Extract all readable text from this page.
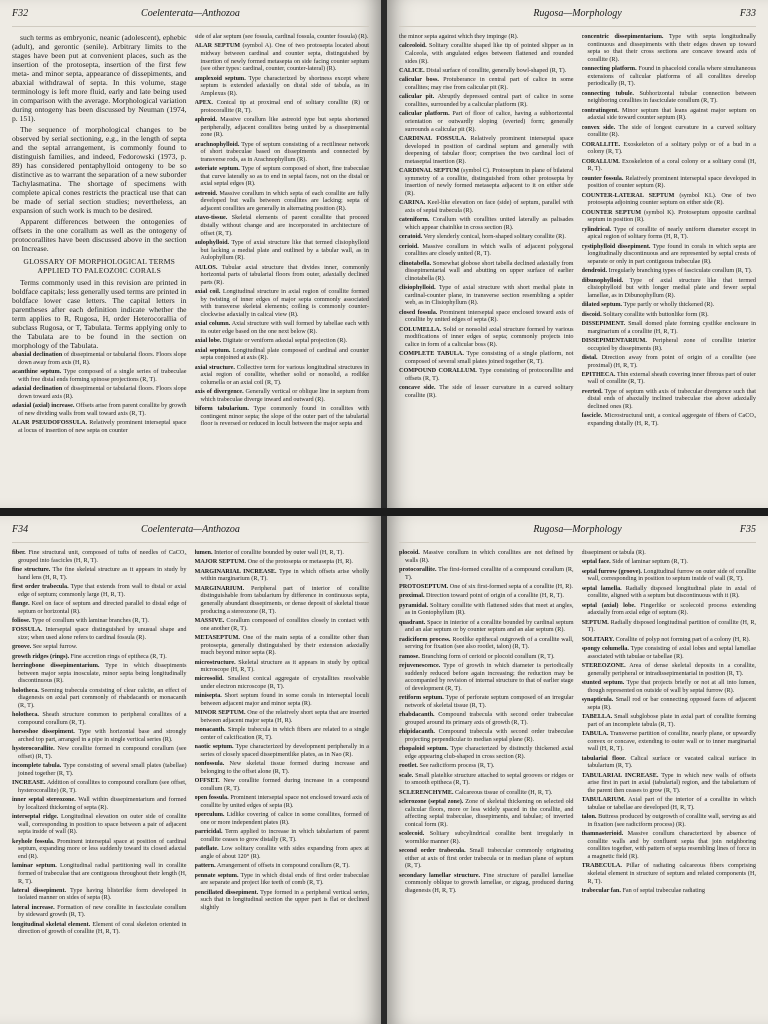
F32	Coelenterata—Anthozoa

such terms as embryonic, neanic (adolescent), ephebic (adult), and gerontic (senile). Arbitrary limits to the stages have been put at convenient places, such as the insertion of the protosepta, insertion of the first few meta- and minor septa, appearance of dissepiments, and abaxial withdrawal of septa. In this volume, stage terminology is left more fluid, early and late being used in comparison with the average. Morphological variation during ontogeny has been discussed by Neuman (1974, p. 151).

The sequence of morphological changes to be observed by serial sectioning, e.g., in the length of septa and the septal arrangement, is commonly found to distinguish families, and indeed, Fedorowski (1973, p. 89) has considered pentaphylloid ontogeny to be so distinctive as to warrant the separation of a new suborder Tachylasmatina. The shortage of specimens with complete apical cones restricts the practical use that can be made of serial section studies; nevertheless, an expansion of such work is much to be desired.

Apparent differences between the ontogenies of offsets in the one corallum as well as the ontogeny of protocorallites have been discussed above in the section on Increase.

GLOSSARY OF MORPHOLOGICAL TERMS APPLIED TO PALEOZOIC CORALS

Terms commonly used in this revision are printed in boldface capitals; less generally used terms are printed in boldface lower case letters. The capital letters in parentheses after each definition indicate whether the term applies to R, Rugosa, H, order Heterocorallia of subclass Rugosa, or T, Tabulata. Terms applying only to the Tabulata are to be found in the section on morphology of the Tabulata.

abaxial declination of dissepimental or tabularial floors. Floors slope down away from axis (H, R).

acanthine septum. Type composed of a single series of trabeculae with free distal ends forming spinose projections (R, T).

adaxial declination of dissepimental or tabularial floors. Floors slope down toward axis (R).

adaxial (axial) increase. Offsets arise from parent corallite by growth of new dividing walls from wall toward axis (R, T).

ALAR PSEUDOFOSSULA. Relatively prominent interseptal space at locus of insertion of new septa on counter

side of alar septum (see fossula, cardinal fossula, counter fossula) (R).

ALAR SEPTUM (symbol A). One of two protosepta located about midway between cardinal and counter septa, distinguished by insertion of newly formed metasepta on side facing counter septum (see other types: cardinal, counter, counter-lateral) (R).

amplexoid septum. Type characterized by shortness except where septum is extended adaxially on distal side of tabula, as in Amplexus (R).

APEX. Conical tip at proximal end of solitary corallite (R) or protocorallite (R, T).

aphroid. Massive corallum like astreoid type but septa shortened peripherally, adjacent corallites being united by a dissepimental zone (R).

arachnophylloid. Type of septum consisting of a rectilinear network of short trabeculae based on dissepiments and connected by transverse rods, as in Arachnophyllum (R).

asteriate septum. Type of septum composed of short, fine trabeculae that curve laterally so as to end in septal faces, not on the distal or axial septal edges (R).

astreoid. Massive corallum in which septa of each corallite are fully developed but walls between corallites are lacking; septa of adjacent corallites are generally in alternating position (R).

atavo-tissue. Skeletal elements of parent corallite that proceed distally without change and are incorporated in architecture of offset (R, T).

aulophylloid. Type of axial structure like that termed clisiophylloid but lacking a medial plate and outlined by a tabular wall, as in Aulophyllum (R).

AULOS. Tubular axial structure that divides inner, commonly horizontal parts of tabularial floors from outer, adaxially declined parts (R).

axial coil. Longitudinal structure in axial region of corallite formed by twisting of inner edges of major septa commonly associated with transverse skeletal elements; coiling is commonly counter-clockwise adaxially in calical view (R).

axial column. Axial structure with wall formed by tabellae each with its outer edge based on the one next below (R).

axial lobe. Digitate or veniform adaxial septal projection (R).

axial septum. Longitudinal plate composed of cardinal and counter septa conjoined at axis (R).

axial structure. Collective term for various longitudinal structures in axial region of corallite, whether solid or nonsolid, a rodlike columella or an axial coil (R, T).

axis of divergence. Generally vertical or oblique line in septum from which trabeculae diverge inward and outward (R).

biform tabularium. Type commonly found in corallites with contingent minor septa; the slope of the outer part of the tabularial floor is reversed or reduced in loculi between the major septa and

Rugosa—Morphology	F33

the minor septa against which they impinge (R).

calceoloid. Solitary corallite shaped like tip of pointed slipper as in Calceola, with angulated edges between flattened and rounded sides (R).

CALICE. Distal surface of corallite, generally bowl-shaped (R, T).

calicular boss. Protuberance in central part of calice in some corallites; may rise from calicular pit (R).

calicular pit. Abruptly depressed central part of calice in some corallites, surrounded by a calicular platform (R).

calicular platform. Part of floor of calice, having a subhorizontal orientation or outwardly sloping (everted) form; generally surrounds a calicular pit (R).

CARDINAL FOSSULA. Relatively prominent interseptal space developed in position of cardinal septum and generally with deepening of tabular floor; comprises the two cardinal loci of metaseptal insertion (R).

CARDINAL SEPTUM (symbol C). Protoseptum in plane of bilateral symmetry of a corallite, distinguished from other protosepta by insertion of newly formed metasepta adjacent to it on either side (R).

CARINA. Keel-like elevation on face (side) of septum, parallel with axis of septal trabecula (R).

cateniform. Corallum with corallites united laterally as palisades which appear chainlike in cross section (R).

ceratoid. Very slenderly conical, horn-shaped solitary corallite (R).

cerioid. Massive corallum in which walls of adjacent polygonal corallites are closely united (R, T).

clinotabella. Somewhat globose short tabella declined adaxially from dissepimentarial wall and abutting on upper surface of earlier clinotabella (R).

clisiophylloid. Type of axial structure with short medial plate in cardinal-counter plane, in transverse section resembling a spider web, as in Clisiophyllum (R).

closed fossula. Prominent interseptal space enclosed toward axis of corallite by united edges of septa (R).

COLUMELLA. Solid or nonsolid axial structure formed by various modifications of inner edges of septa; commonly projects into calice in form of a calicular boss (R).

COMPLETE TABULA. Type consisting of a single platform, not composed of several small plates joined together (R, T).

COMPOUND CORALLUM. Type consisting of protocorallite and offsets (R, T).

concave side. The side of lesser curvature in a curved solitary corallite (R).

concentric dissepimentarium. Type with septa longitudinally continuous and dissepiments with their edges drawn up toward septa so that their cross sections are concave toward axis of corallite (R).

connecting platform. Found in phaceloid coralla where simultaneous extensions of calicular platforms of all corallites develop periodically (R, T).

connecting tubule. Subhorizontal tubular connection between neighboring corallites in fasciculate corallum (R, T).

contratingent. Minor septum that leans against major septum on adaxial side toward counter septum (R).

convex side. The side of longest curvature in a curved solitary corallite (R).

CORALLITE. Exoskeleton of a solitary polyp or of a bud in a colony (R, T).

CORALLUM. Exoskeleton of a coral colony or a solitary coral (H, R, T).

counter fossula. Relatively prominent interseptal space developed in position of counter septum (R).

COUNTER-LATERAL SEPTUM (symbol KL). One of two protosepta adjoining counter septum on either side (R).

COUNTER SEPTUM (symbol K). Protoseptum opposite cardinal septum in position (R).

cylindrical. Type of corallite of nearly uniform diameter except in apical region of solitary forms (H, R, T).

cystiphylloid dissepiment. Type found in corals in which septa are longitudinally discontinuous and are represented by septal crests of separate or only in part contiguous trabeculae (R).

dendroid. Irregularly branching types of fasciculate corallum (R, T).

dibunophylloid. Type of axial structure like that termed clisiophylloid but with longer medial plate and fewer septal lamellae, as in Dibunophyllum (R).

dilated septum. Type partly or wholly thickened (R).

discoid. Solitary corallite with buttonlike form (R).

DISSEPIMENT. Small domed plate forming cystlike enclosure in marginarium of a corallite (H, R, T).

DISSEPIMENTARIUM. Peripheral zone of corallite interior occupied by dissepiments (R).

distal. Direction away from point of origin of a corallite (see proximal) (H, R, T).

EPITHECA. Thin external sheath covering inner fibrous part of outer wall of corallite (R, T).

everted. Type of septum with axis of trabecular divergence such that distal ends of abaxially inclined trabeculae rise above adaxially declined ones (R).

fascicle. Microstructural unit, a conical aggregate of fibers of CaCO₃ expanding distally (H, R, T).

F34	Coelenterata—Anthozoa

fiber. Fine structural unit, composed of tufts of needles of CaCO₃ grouped into fascicles (H, R, T).

fine structure. The fine skeletal structure as it appears in study by hand lens (H, R, T).

first order trabecula. Type that extends from wall to distal or axial edge of septum; commonly large (H, R, T).

flange. Keel on face of septum and directed parallel to distal edge of septum or horizontal (R).

foliose. Type of corallum with laminar branches (R, T).

FOSSULA. Interseptal space distinguished by unusual shape and size; when used alone refers to cardinal fossula (R).

groove. See septal furrow.

growth ridges (rings). Fine accretion rings of epitheca (R, T).

herringbone dissepimentarium. Type in which dissepiments between major septa inosculate, minor septa being longitudinally discontinuous (R).

holotheca. Seeming trabecula consisting of clear calcite, an effect of diagenesis on axial part commonly of rhabdacanth or monacanth (R, T).

holotheca. Sheath structure common to peripheral corallites of a compound corallum (R, T).

horseshoe dissepiment. Type with horizontal base and strongly arched top part, arranged in a pipe in single vertical series (R).

hysterocorallite. New corallite formed in compound corallum (see offset) (R, T).

incomplete tabula. Type consisting of several small plates (tabellae) joined together (R, T).

INCREASE. Addition of corallites to compound corallum (see offset, hysterocorallite) (R, T).

inner septal stereozone. Wall within dissepimentarium and formed by localized thickening of septa (R).

interseptal ridge. Longitudinal elevation on outer side of corallite wall, corresponding in position to space between a pair of adjacent septa inside of wall (R).

keyhole fossula. Prominent interseptal space at position of cardinal septum, expanding more or less suddenly toward its closed adaxial end (R).

laminar septum. Longitudinal radial partitioning wall in corallite formed of trabeculae that are contiguous throughout their length (H, R, T).

lateral dissepiment. Type having blisterlike form developed in isolated manner on sides of septa (R).

lateral increase. Formation of new corallite in fasciculate corallum by sideward growth (R, T).

longitudinal skeletal element. Element of coral skeleton oriented in direction of growth of corallite (H, R, T).

lumen. Interior of corallite bounded by outer wall (H, R, T).

MAJOR SEPTUM. One of the protosepta or metasepta (H, R).

MARGINARIAL INCREASE. Type in which offsets arise wholly within marginarium (R, T).

MARGINARIUM. Peripheral part of interior of corallite distinguishable from tabularium by difference in continuous septa, generally abundant dissepiments, or dense deposit of skeletal tissue producing a stereozone (R, T).

MASSIVE. Corallum composed of corallites closely in contact with one another (R, T).

METASEPTUM. One of the main septa of a corallite other than protosepta, generally distinguished by their extension adaxially much beyond minor septa (R).

microstructure. Skeletal structure as it appears in study by optical microscope (H, R, T).

microsolid. Smallest conical aggregate of crystallites resolvable under electron microscope (R, T).

minisepta. Short septum found in some corals in interseptal loculi between adjacent major and minor septa (R).

MINOR SEPTUM. One of the relatively short septa that are inserted between adjacent major septa (H, R).

monacanth. Simple trabecula in which fibers are related to a single center of calcification (R, T).

naotic septum. Type characterized by development peripherally in a series of closely spaced dissepimentlike plates, as in Nao (R).

nonfossula. New skeletal tissue formed during increase and belonging to the offset alone (R, T).

OFFSET. New corallite formed during increase in a compound corallum (R, T).

open fossula. Prominent interseptal space not enclosed toward axis of corallite by united edges of septa (R).

operculum. Lidlike covering of calice in some corallites, formed of one or more independent plates (R).

parricidal. Term applied to increase in which tabularium of parent corallite ceases to grow distally (R, T).

patellate. Low solitary corallite with sides expanding from apex at angle of about 120° (R).

pattern. Arrangement of offsets in compound corallum (R, T).

pennate septum. Type in which distal ends of first order trabeculae are separate and project like teeth of comb (R, T).

pencillated dissepiment. Type formed in a peripheral vertical series, such that in longitudinal section the upper part is flat or declined slightly

Rugosa—Morphology	F35

plocoid. Massive corallum in which corallites are not defined by walls (R).

protocorallite. The first-formed corallite of a compound corallum (R, T).

PROTOSEPTUM. One of six first-formed septa of a corallite (H, R).

proximal. Direction toward point of origin of a corallite (H, R, T).

pyramidal. Solitary corallite with flattened sides that meet at angles, as in Goniophyllum (R).

quadrant. Space in interior of a corallite bounded by cardinal septum and an alar septum or by counter septum and an alar septum (R).

radiciform process. Rootlike epithecal outgrowth of a corallite wall, serving for fixation (see also rootlet, talon) (R, T).

ramose. Branching form of cerioid or plocoid corallum (R, T).

rejuvenescence. Type of growth in which diameter is periodically suddenly reduced before again increasing; the reduction may be accompanied by revision of internal structure to that of earlier stage of development (R, T).

retiform septum. Type of perforate septum composed of an irregular network of skeletal tissue (R, T).

rhabdacanth. Compound trabecula with second order trabeculae grouped around its primary axis of growth (R, T).

rhipidacanth. Compound trabecula with second order trabeculae projecting perpendicular to median septal plane (R).

rhopaloid septum. Type characterized by distinctly thickened axial edge appearing club-shaped in cross section (R).

rootlet. See radiciform process (R, T).

scale. Small platelike structure attached to septal grooves or ridges or to smooth epitheca (R, T).

SCLERENCHYME. Calcareous tissue of corallite (H, R, T).

sclerozone (septal zone). Zone of skeletal thickening on selected old calicular floors, more or less widely spaced in the corallite, and affecting septal trabeculae, dissepiments, and tabulae; of inverted conical form (R).

scolecoid. Solitary subcylindrical corallite bent irregularly in wormlike manner (R).

second order trabecula. Small trabecular commonly originating either at axis of first order trabecula or in median plane of septum (R, T).

secondary lamellar structure. Fine structure of parallel lamellae commonly oblique to growth lamellae, or zigzag, produced during diagenesis (H, R, T).

dissepiment or tabula (R).

septal face. Side of laminar septum (R, T).

septal furrow (groove). Longitudinal furrow on outer side of corallite wall, corresponding in position to septum inside of wall (R, T).

septal lamella. Radially disposed longitudinal plate in axial of corallite, aligned with a septum but discontinuous with it (R).

septal (axial) lobe. Fingerlike or scolecoid process extending adaxially from axial edge of septum (R).

SEPTUM. Radially disposed longitudinal partition of corallite (H, R, T).

SOLITARY. Corallite of polyp not forming part of a colony (H, R).

spongy columella. Type consisting of axial lobes and septal lamellae associated with tabulae or tabellae (R).

STEREOZONE. Area of dense skeletal deposits in a corallite, generally peripheral or intradissepimentarial in position (R, T).

stunted septum. Type that projects briefly or not at all into lumen, though represented on outside of wall by septal furrow (R).

synapticula. Small rod or bar connecting opposed faces of adjacent septa (R).

TABELLA. Small subglobose plate in axial part of corallite forming part of an incomplete tabula (R, T).

TABULA. Transverse partition of corallite, nearly plane, or upwardly convex or concave, extending to outer wall or to inner marginarial wall (H, R, T).

tabularial floor. Calical surface or vacated calical surface in tabularium (R, T).

TABULARIAL INCREASE. Type in which new walls of offsets arise first in part in axial (tabularial) region, and the tabularium of the parent then ceases to grow (R, T).

TABULARIUM. Axial part of the interior of a corallite in which tabulae or tabellae are developed (H, R, T).

talon. Buttress produced by outgrowth of corallite wall, serving as aid in fixation (see radiciform process) (R).

thamnasterioid. Massive corallum characterized by absence of corallite walls and by confluent septa that join neighboring corallites together, with pattern of septa resembling lines of force in a magnetic field (R).

TRABECULA. Pillar of radiating calcareous fibers comprising skeletal element in structure of septum and related components (H, R, T).

trabecular fan. Fan of septal trabeculae radiating
